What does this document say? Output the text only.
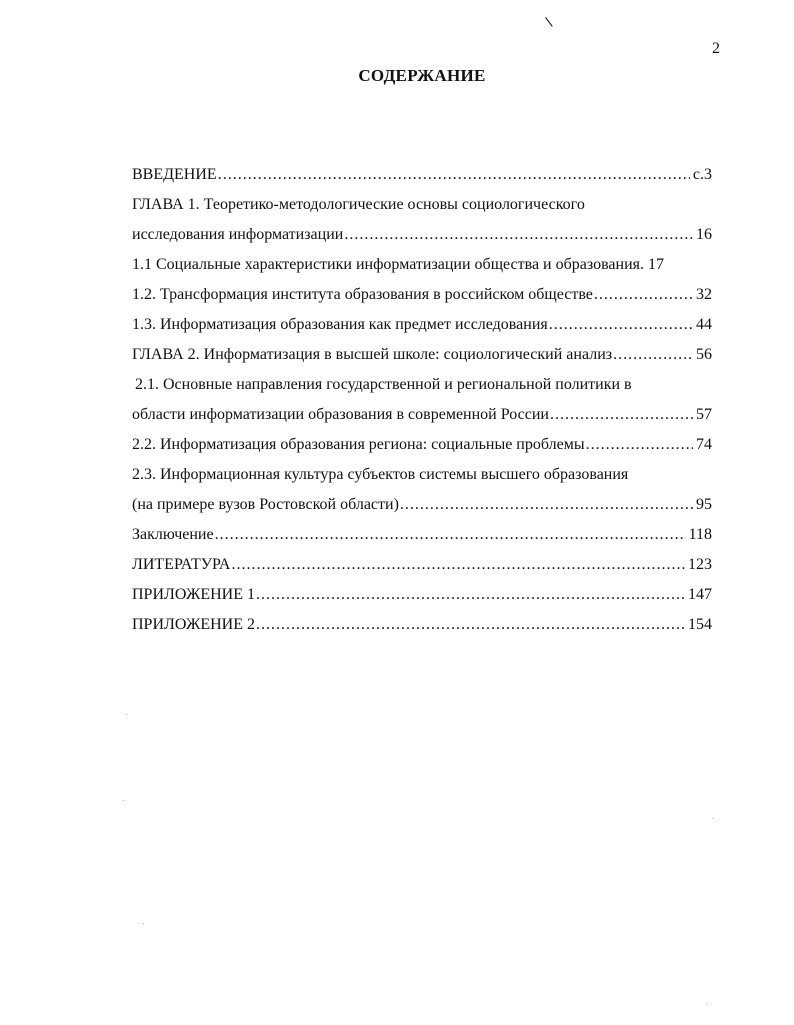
\
2
СОДЕРЖАНИЕ
ВВЕДЕНИЕ .....	с.3
ГЛАВА 1. Теоретико-методологические основы социологического
исследования информатизации .....	16
1.1 Социальные характеристики информатизации общества и образования. 17
1.2. Трансформация института образования в российском обществе .....	32
1.3. Информатизация образования как предмет исследования .....	44
ГЛАВА 2. Информатизация в высшей школе: социологический анализ .....	56
2.1. Основные направления государственной и региональной политики в
области информатизации образования в современной России .....	57
2.2. Информатизация образования региона: социальные проблемы .....	74
2.3. Информационная культура субъектов системы высшего образования
(на примере вузов Ростовской области) .....	95
Заключение .....	118
ЛИТЕРАТУРА .....	123
ПРИЛОЖЕНИЕ 1 .....	147
ПРИЛОЖЕНИЕ 2 .....	154
